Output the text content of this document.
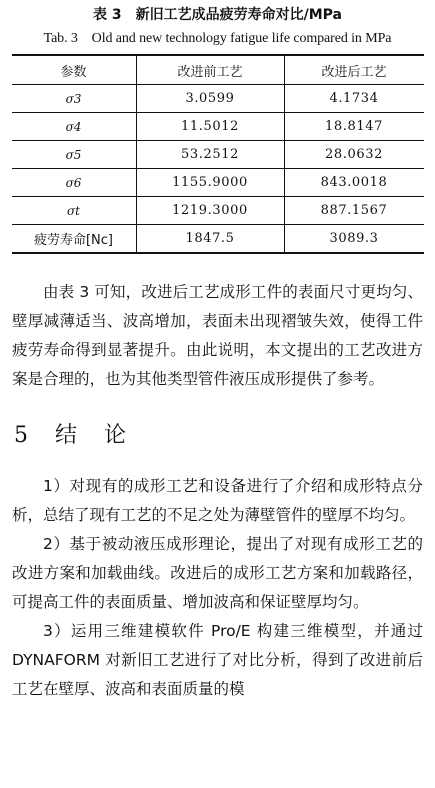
表 3　新旧工艺成品疲劳寿命对比/MPa
Tab. 3　Old and new technology fatigue life compared in MPa
参数	改进前工艺	改进后工艺
σ3	3.0599	4.1734
σ4	11.5012	18.8147
σ5	53.2512	28.0632
σ6	1155.9000	843.0018
σt	1219.3000	887.1567
疲劳寿命[Nc]	1847.5	3089.3

由表 3 可知，改进后工艺成形工件的表面尺寸更均匀、壁厚减薄适当、波高增加，表面未出现褶皱失效，使得工件疲劳寿命得到显著提升。由此说明，本文提出的工艺改进方案是合理的，也为其他类型管件液压成形提供了参考。

5 结 论

1）对现有的成形工艺和设备进行了介绍和成形特点分析，总结了现有工艺的不足之处为薄壁管件的壁厚不均匀。

2）基于被动液压成形理论，提出了对现有成形工艺的改进方案和加载曲线。改进后的成形工艺方案和加载路径，可提高工件的表面质量、增加波高和保证壁厚均匀。

3）运用三维建模软件 Pro/E 构建三维模型，并通过 DYNAFORM 对新旧工艺进行了对比分析，得到了改进前后工艺在壁厚、波高和表面质量的模
